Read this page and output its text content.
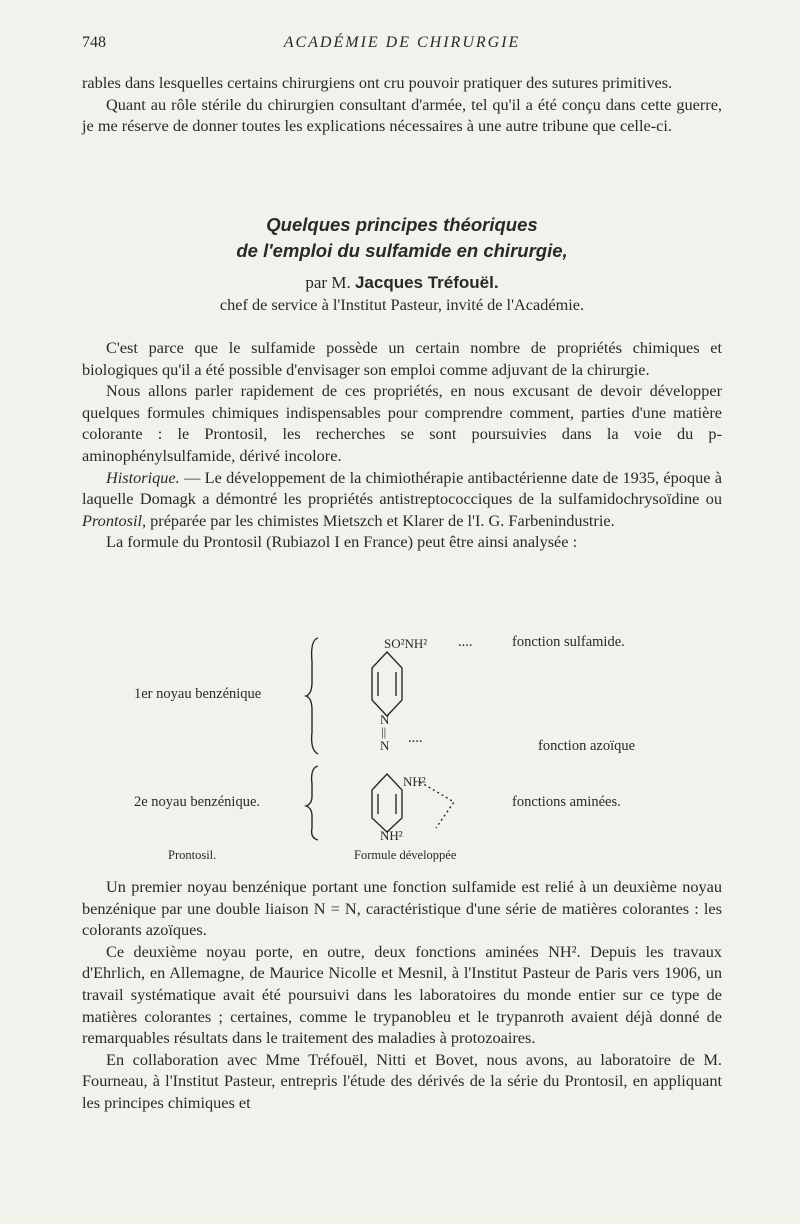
748	ACADÉMIE DE CHIRURGIE

rables dans lesquelles certains chirurgiens ont cru pouvoir pratiquer des sutures primitives.

Quant au rôle stérile du chirurgien consultant d'armée, tel qu'il a été conçu dans cette guerre, je me réserve de donner toutes les explications nécessaires à une autre tribune que celle-ci.

Quelques principes théoriques
de l'emploi du sulfamide en chirurgie,
par M. Jacques Tréfouël.
chef de service à l'Institut Pasteur, invité de l'Académie.

C'est parce que le sulfamide possède un certain nombre de propriétés chimiques et biologiques qu'il a été possible d'envisager son emploi comme adjuvant de la chirurgie.

Nous allons parler rapidement de ces propriétés, en nous excusant de devoir développer quelques formules chimiques indispensables pour comprendre comment, parties d'une matière colorante : le Prontosil, les recherches se sont poursuivies dans la voie du p-aminophénylsulfamide, dérivé incolore.

Historique. — Le développement de la chimiothérapie antibactérienne date de 1935, époque à laquelle Domagk a démontré les propriétés antistreptococciques de la sulfamidochrysoïdine ou Prontosil, préparée par les chimistes Mietszch et Klarer de l'I. G. Farbenindustrie.

La formule du Prontosil (Rubiazol I en France) peut être ainsi analysée :

SO²NH² ....	fonction sulfamide.
1er noyau benzénique
N
|| ....
N	fonction azoïque
NH²
2e noyau benzénique.	fonctions aminées.
NH²
Prontosil.	Formule développée

Un premier noyau benzénique portant une fonction sulfamide est relié à un deuxième noyau benzénique par une double liaison N = N, caractéristique d'une série de matières colorantes : les colorants azoïques.

Ce deuxième noyau porte, en outre, deux fonctions aminées NH². Depuis les travaux d'Ehrlich, en Allemagne, de Maurice Nicolle et Mesnil, à l'Institut Pasteur de Paris vers 1906, un travail systématique avait été poursuivi dans les laboratoires du monde entier sur ce type de matières colorantes ; certaines, comme le trypanobleu et le trypanroth avaient déjà donné de remarquables résultats dans le traitement des maladies à protozoaires.

En collaboration avec Mme Tréfouël, Nitti et Bovet, nous avons, au laboratoire de M. Fourneau, à l'Institut Pasteur, entrepris l'étude des dérivés de la série du Prontosil, en appliquant les principes chimiques et
